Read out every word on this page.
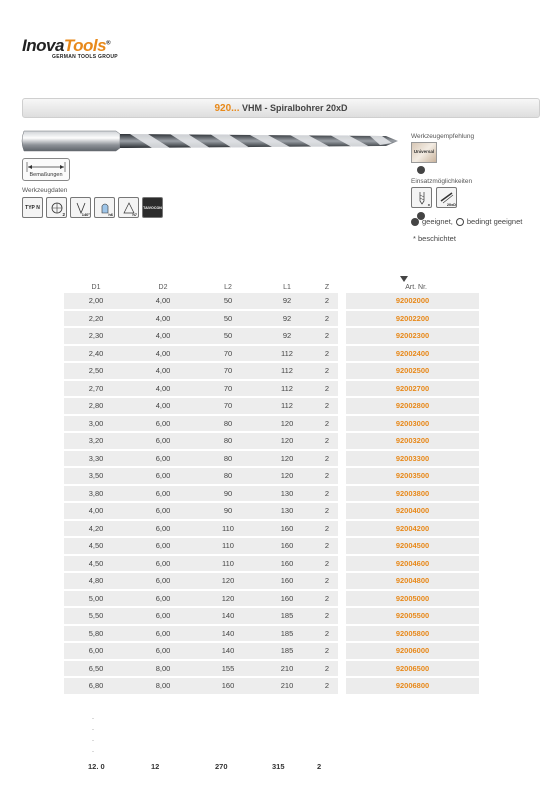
InovaTools®
GERMAN TOOLS GROUP
920... VHM - Spiralbohrer 20xD
Bemaßungen
Werkzeugdaten
TYP N
2	140°	h6	h7
TAIVOCON
Werkzeugempfehlung
Universal
Einsatzmöglichkeiten
x	20xD
geeignet, bedingt geeignet
* beschichtet
D1	D2	L2	L1	Z	Art. Nr.
2,00	4,00	50	92	2	92002000
2,20	4,00	50	92	2	92002200
2,30	4,00	50	92	2	92002300
2,40	4,00	70	112	2	92002400
2,50	4,00	70	112	2	92002500
2,70	4,00	70	112	2	92002700
2,80	4,00	70	112	2	92002800
3,00	6,00	80	120	2	92003000
3,20	6,00	80	120	2	92003200
3,30	6,00	80	120	2	92003300
3,50	6,00	80	120	2	92003500
3,80	6,00	90	130	2	92003800
4,00	6,00	90	130	2	92004000
4,20	6,00	110	160	2	92004200
4,50	6,00	110	160	2	92004500
4,50	6,00	110	160	2	92004600
4,80	6,00	120	160	2	92004800
5,00	6,00	120	160	2	92005000
5,50	6,00	140	185	2	92005500
5,80	6,00	140	185	2	92005800
6,00	6,00	140	185	2	92006000
6,50	8,00	155	210	2	92006500
6,80	8,00	160	210	2	92006800
·
·
·
·
12. 0	12	270	315	2
